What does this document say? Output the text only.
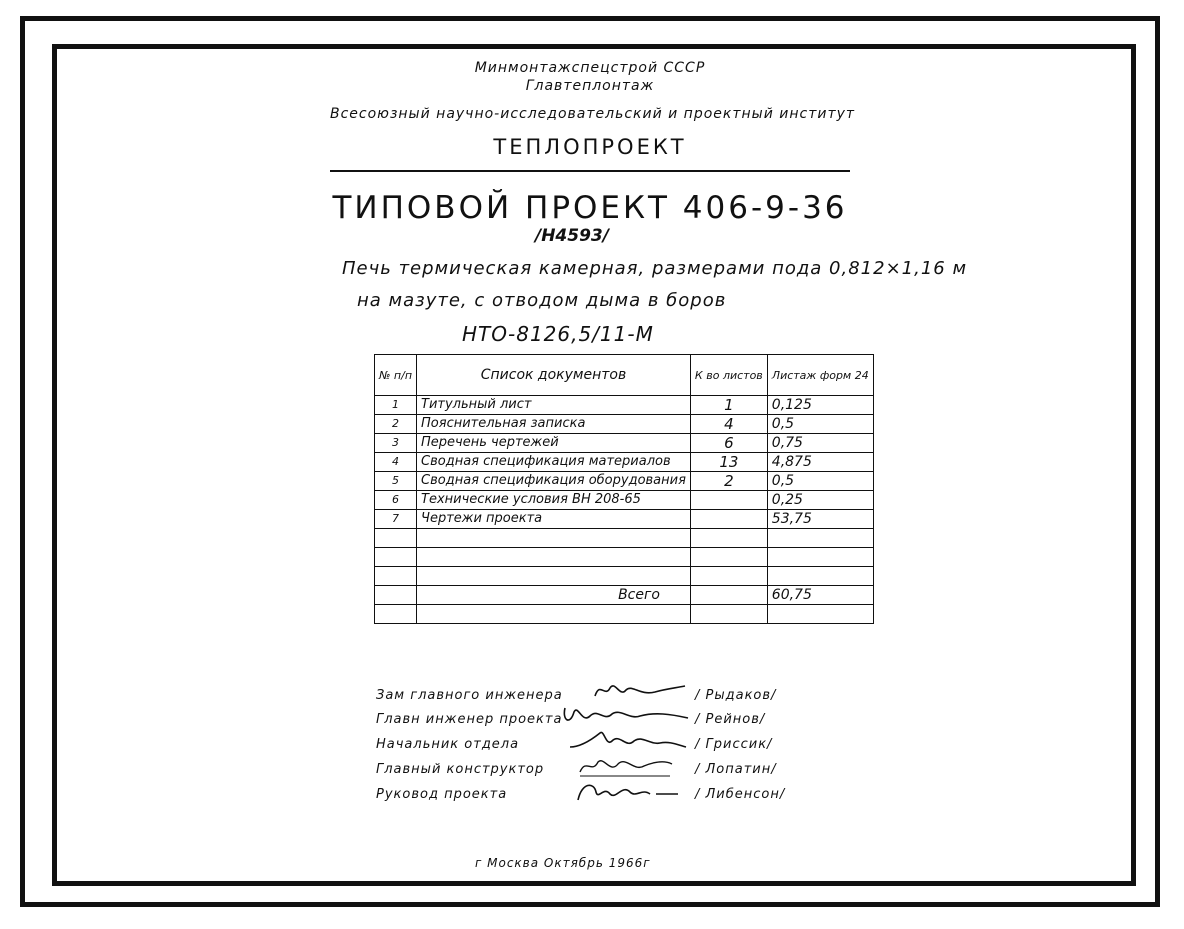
Минмонтажспецстрой СССР
Главтеплонтаж
Всесоюзный научно-исследовательский и проектный институт
ТЕПЛОПРОЕКТ
ТИПОВОЙ ПРОЕКТ 406-9-36
/Н4593/
Печь термическая камерная, размерами пода 0,812×1,16 м
на мазуте, с отводом дыма в боров
НТО-8126,5/11-М
№ п/п	Список документов	К во листов	Листаж форм 24
1	Титульный лист	1	0,125
2	Пояснительная записка	4	0,5
3	Перечень чертежей	6	0,75
4	Сводная спецификация материалов	13	4,875
5	Сводная спецификация оборудования	2	0,5
6	Технические условия ВН 208-65		0,25
7	Чертежи проекта		53,75

	Всего		60,75

Зам главного инженера	/ Рыдаков/
Главн инженер проекта	/ Рейнов/
Начальник отдела	/ Гриссик/
Главный конструктор	/ Лопатин/
Руковод проекта	/ Либенсон/
г Москва Октябрь 1966г
